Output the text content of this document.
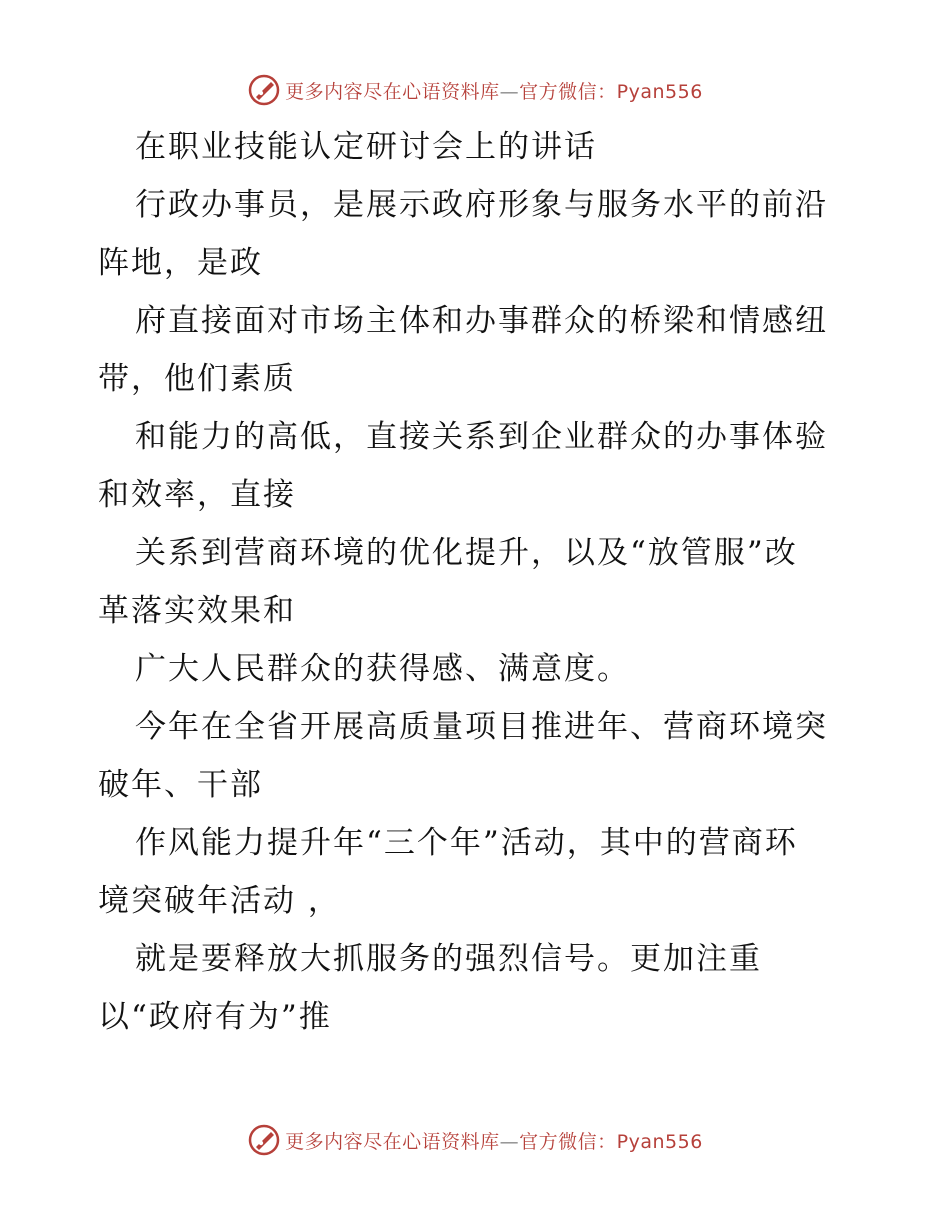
更多内容尽在心语资料库—官方微信：Pyan556
在职业技能认定研讨会上的讲话
行政办事员，是展示政府形象与服务水平的前沿
阵地，是政
府直接面对市场主体和办事群众的桥梁和情感纽
带，他们素质
和能力的高低，直接关系到企业群众的办事体验
和效率，直接
关系到营商环境的优化提升，以及“放管服”改
革落实效果和
广大人民群众的获得感、满意度。
今年在全省开展高质量项目推进年、营商环境突
破年、干部
作风能力提升年“三个年”活动，其中的营商环
境突破年活动 ，
就是要释放大抓服务的强烈信号。更加注重
以“政府有为”推
更多内容尽在心语资料库—官方微信：Pyan556
